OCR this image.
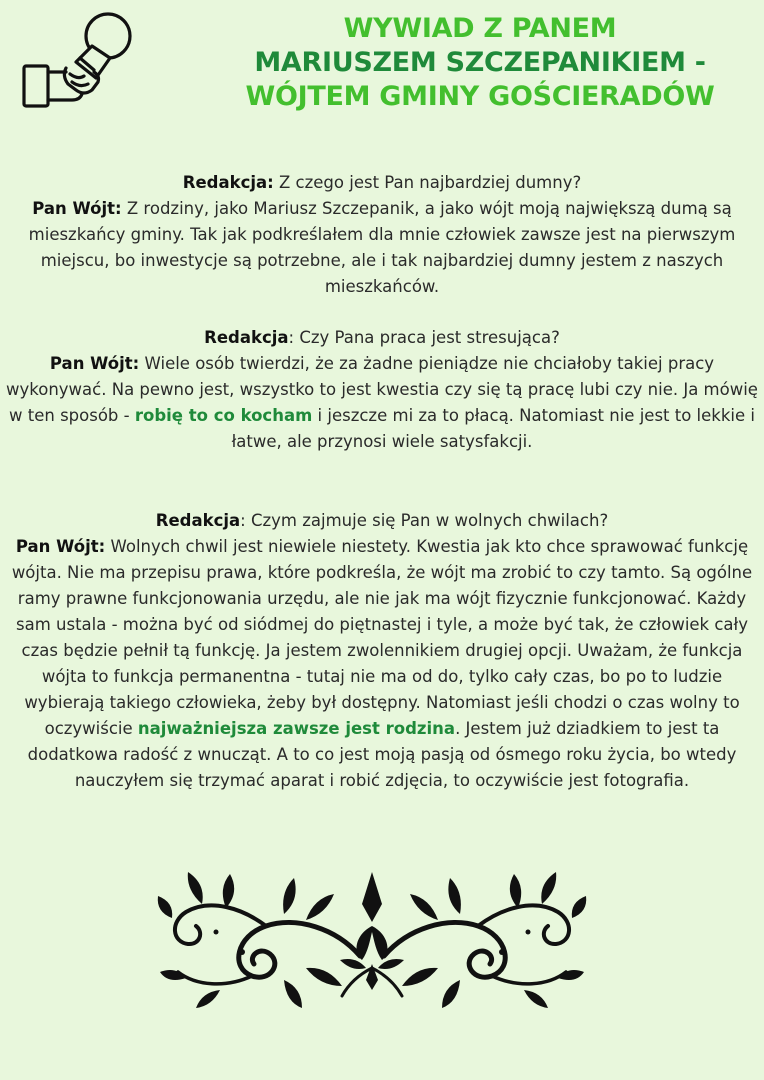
WYWIAD Z PANEM
MARIUSZEM SZCZEPANIKIEM -
WÓJTEM GMINY GOŚCIERADÓW

Redakcja: Z czego jest Pan najbardziej dumny?

Pan Wójt: Z rodziny, jako Mariusz Szczepanik, a jako wójt moją największą dumą są mieszkańcy gminy. Tak jak podkreślałem dla mnie człowiek zawsze jest na pierwszym miejscu, bo inwestycje są potrzebne, ale i tak najbardziej dumny jestem z naszych mieszkańców.

Redakcja: Czy Pana praca jest stresująca?

Pan Wójt: Wiele osób twierdzi, że za żadne pieniądze nie chciałoby takiej pracy wykonywać. Na pewno jest, wszystko to jest kwestia czy się tą pracę lubi czy nie. Ja mówię w ten sposób - robię to co kocham i jeszcze mi za to płacą. Natomiast nie jest to lekkie i łatwe, ale przynosi wiele satysfakcji.

Redakcja: Czym zajmuje się Pan w wolnych chwilach?

Pan Wójt: Wolnych chwil jest niewiele niestety. Kwestia jak kto chce sprawować funkcję wójta. Nie ma przepisu prawa, które podkreśla, że wójt ma zrobić to czy tamto. Są ogólne ramy prawne funkcjonowania urzędu, ale nie jak ma wójt fizycznie funkcjonować. Każdy sam ustala - można być od siódmej do piętnastej i tyle, a może być tak, że człowiek cały czas będzie pełnił tą funkcję. Ja jestem zwolennikiem drugiej opcji. Uważam, że funkcja wójta to funkcja permanentna - tutaj nie ma od do, tylko cały czas, bo po to ludzie wybierają takiego człowieka, żeby był dostępny. Natomiast jeśli chodzi o czas wolny to oczywiście najważniejsza zawsze jest rodzina. Jestem już dziadkiem to jest ta dodatkowa radość z wnucząt. A to co jest moją pasją od ósmego roku życia, bo wtedy nauczyłem się trzymać aparat i robić zdjęcia, to oczywiście jest fotografia.
